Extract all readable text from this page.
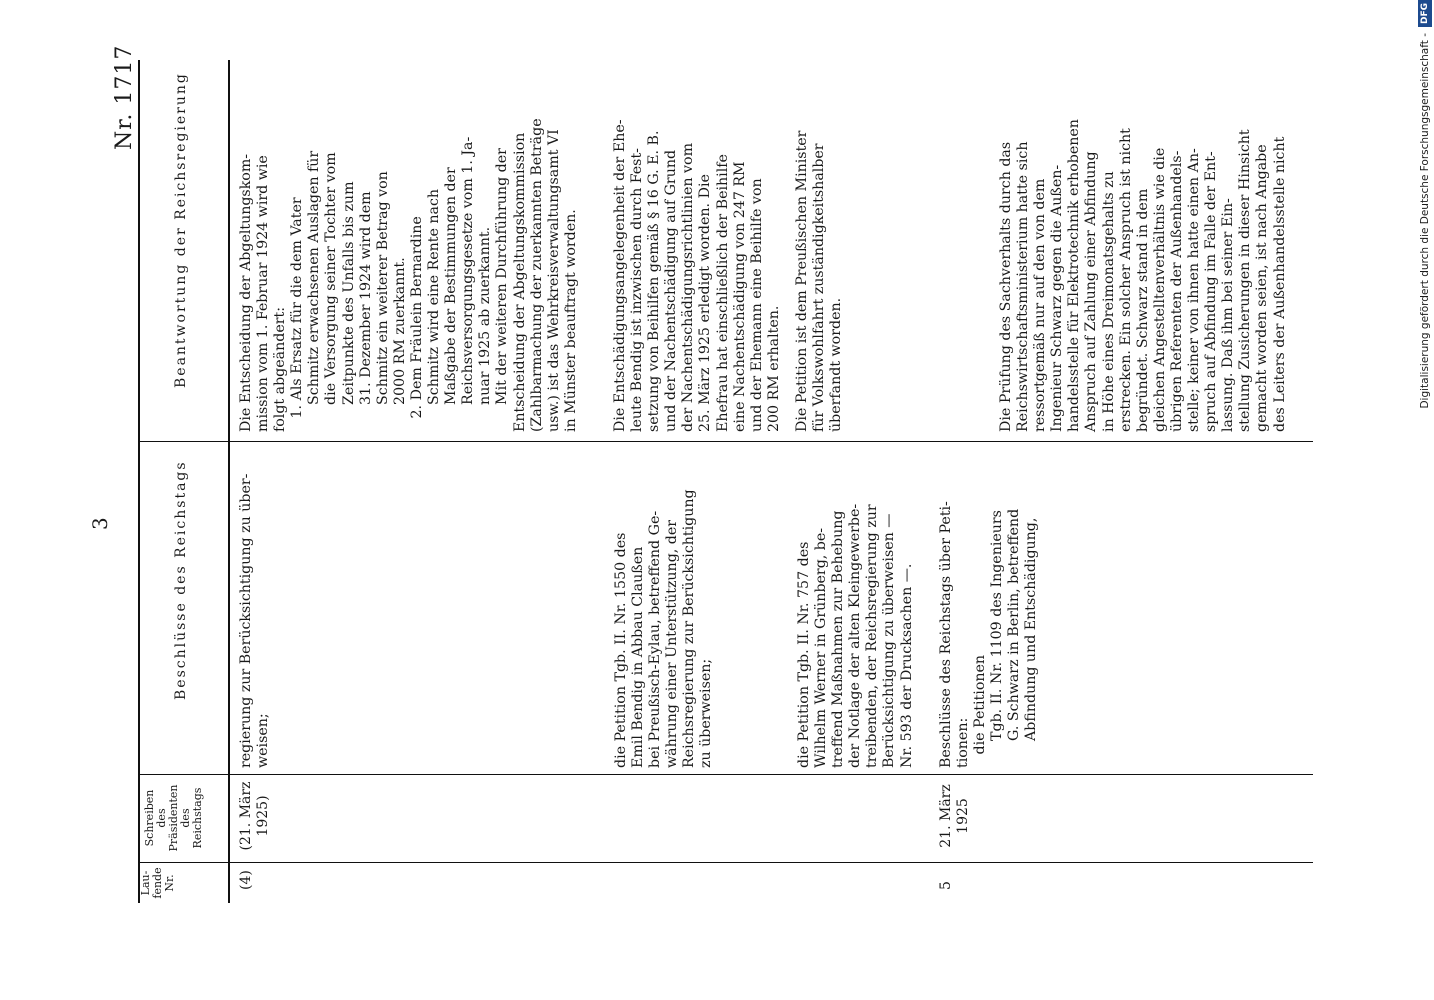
3
Nr. 1717
Lau-
fende
Nr.
Schreiben
des
Präsidenten
des
Reichstags
Beschlüsse des Reichstags
Beantwortung der Reichsregierung
(4)
(21. März
1925)
regierung zur Berücksichtigung zu über-
weisen;	die Petition Tgb. II. Nr. 1550 des
Emil Bendig in Abbau Claußen
bei Preußisch-Eylau, betreffend Ge-
währung einer Unterstützung, der
Reichsregierung zur Berücksichtigung
zu überweisen;
die Petition Tgb. II. Nr. 757 des
Wilhelm Werner in Grünberg, be-
treffend Maßnahmen zur Behebung
der Notlage der alten Kleingewerbe-
treibenden, der Reichsregierung zur
Berücksichtigung zu überweisen —
Nr. 593 der Drucksachen —.
Die Entscheidung der Abgeltungskom-
mission vom 1. Februar 1924 wird wie
folgt abgeändert:
1. Als Ersatz für die dem Vater
Schmitz erwachsenen Auslagen für
die Versorgung seiner Tochter vom
Zeitpunkte des Unfalls bis zum
31. Dezember 1924 wird dem
Schmitz ein weiterer Betrag von
2000 RM zuerkannt.
2. Dem Fräulein Bernardine
Schmitz wird eine Rente nach
Maßgabe der Bestimmungen der
Reichsversorgungsgesetze vom 1. Ja-
nuar 1925 ab zuerkannt.
Mit der weiteren Durchführung der
Entscheidung der Abgeltungskommission
(Zahlbarmachung der zuerkannten Beträge
usw.) ist das Wehrkreisverwaltungsamt VI
in Münster beauftragt worden.
Die Entschädigungsangelegenheit der Ehe-
leute Bendig ist inzwischen durch Fest-
setzung von Beihilfen gemäß § 16 G. E. B.
und der Nachentschädigung auf Grund
der Nachentschädigungsrichtlinien vom
25. März 1925 erledigt worden. Die
Ehefrau hat einschließlich der Beihilfe
eine Nachentschädigung von 247 RM
und der Ehemann eine Beihilfe von
200 RM erhalten.
Die Petition ist dem Preußischen Minister
für Volkswohlfahrt zuständigkeitshalber
überfandt worden.
5
21. März
1925
Beschlüsse des Reichstags über Peti-
tionen:
die Petitionen
Tgb. II. Nr. 1109 des Ingenieurs
G. Schwarz in Berlin, betreffend
Abfindung und Entschädigung,
Die Prüfung des Sachverhalts durch das
Reichswirtschaftsministerium hatte sich
ressortgemäß nur auf den von dem
Ingenieur Schwarz gegen die Außen-
handelsstelle für Elektrotechnik erhobenen
Anspruch auf Zahlung einer Abfindung
in Höhe eines Dreimonatsgehalts zu
erstrecken. Ein solcher Anspruch ist nicht
begründet. Schwarz stand in dem
gleichen Angestelltenverhältnis wie die
übrigen Referenten der Außenhandels-
stelle; keiner von ihnen hatte einen An-
spruch auf Abfindung im Falle der Ent-
lassung. Daß ihm bei seiner Ein-
stellung Zusicherungen in dieser Hinsicht
gemacht worden seien, ist nach Angabe
des Leiters der Außenhandelsstelle nicht	Digitalisierung gefördert durch die Deutsche Forschungsgemeinschaft -
DFG
